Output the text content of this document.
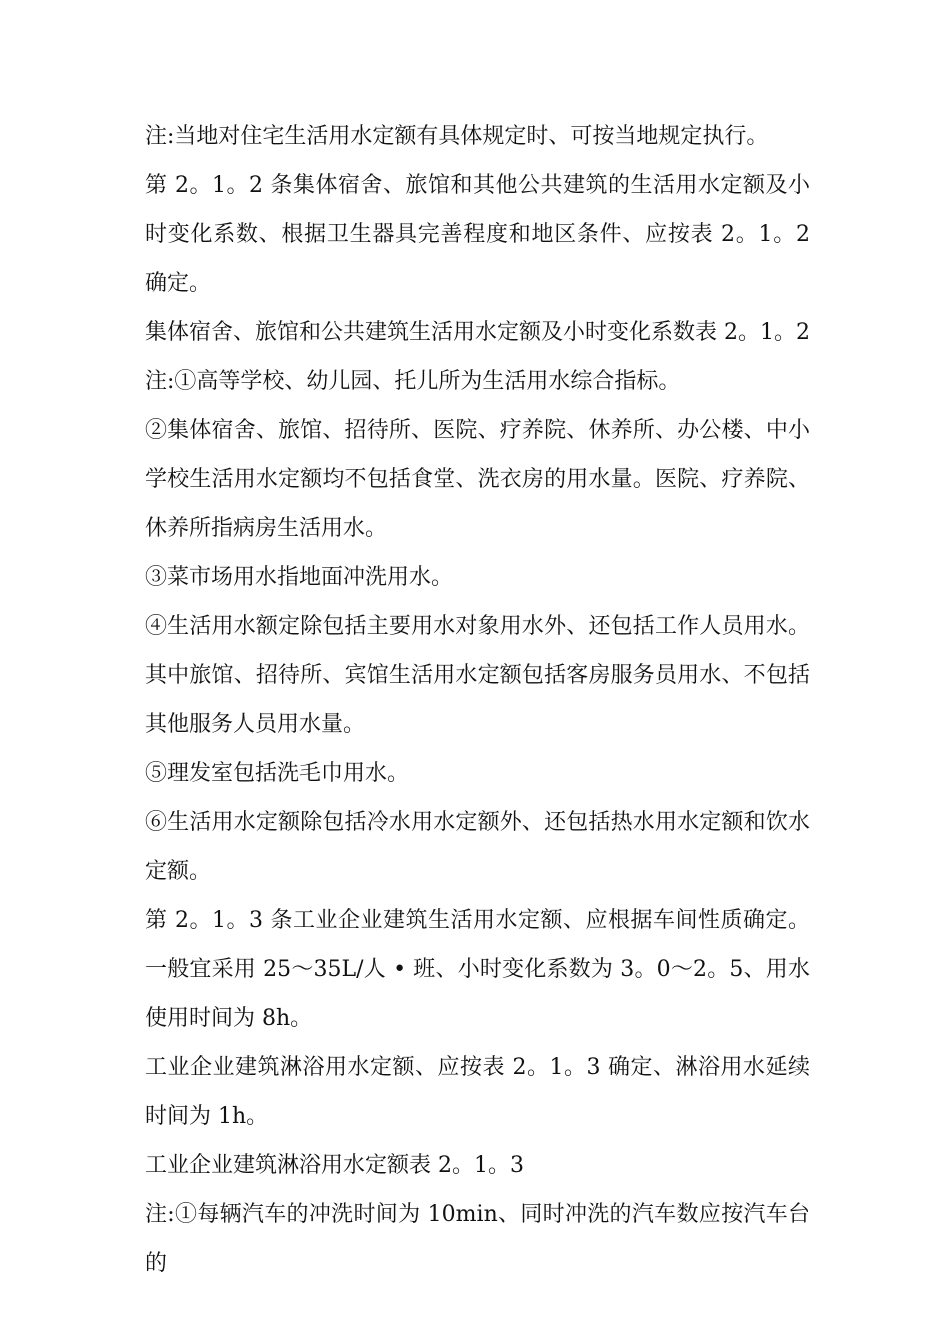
注:当地对住宅生活用水定额有具体规定时、可按当地规定执行。

第 2。1。2 条集体宿舍、旅馆和其他公共建筑的生活用水定额及小时变化系数、根据卫生器具完善程度和地区条件、应按表 2。1。2 确定。

集体宿舍、旅馆和公共建筑生活用水定额及小时变化系数表 2。1。2

注:①高等学校、幼儿园、托儿所为生活用水综合指标。

②集体宿舍、旅馆、招待所、医院、疗养院、休养所、办公楼、中小学校生活用水定额均不包括食堂、洗衣房的用水量。医院、疗养院、休养所指病房生活用水。

③菜市场用水指地面冲洗用水。

④生活用水额定除包括主要用水对象用水外、还包括工作人员用水。其中旅馆、招待所、宾馆生活用水定额包括客房服务员用水、不包括其他服务人员用水量。

⑤理发室包括洗毛巾用水。

⑥生活用水定额除包括冷水用水定额外、还包括热水用水定额和饮水定额。

第 2。1。3 条工业企业建筑生活用水定额、应根据车间性质确定。一般宜采用 25～35L/人 • 班、小时变化系数为 3。0～2。5、用水使用时间为 8h。

工业企业建筑淋浴用水定额、应按表 2。1。3 确定、淋浴用水延续时间为 1h。

工业企业建筑淋浴用水定额表 2。1。3

注:①每辆汽车的冲洗时间为 10min、同时冲洗的汽车数应按汽车台的
